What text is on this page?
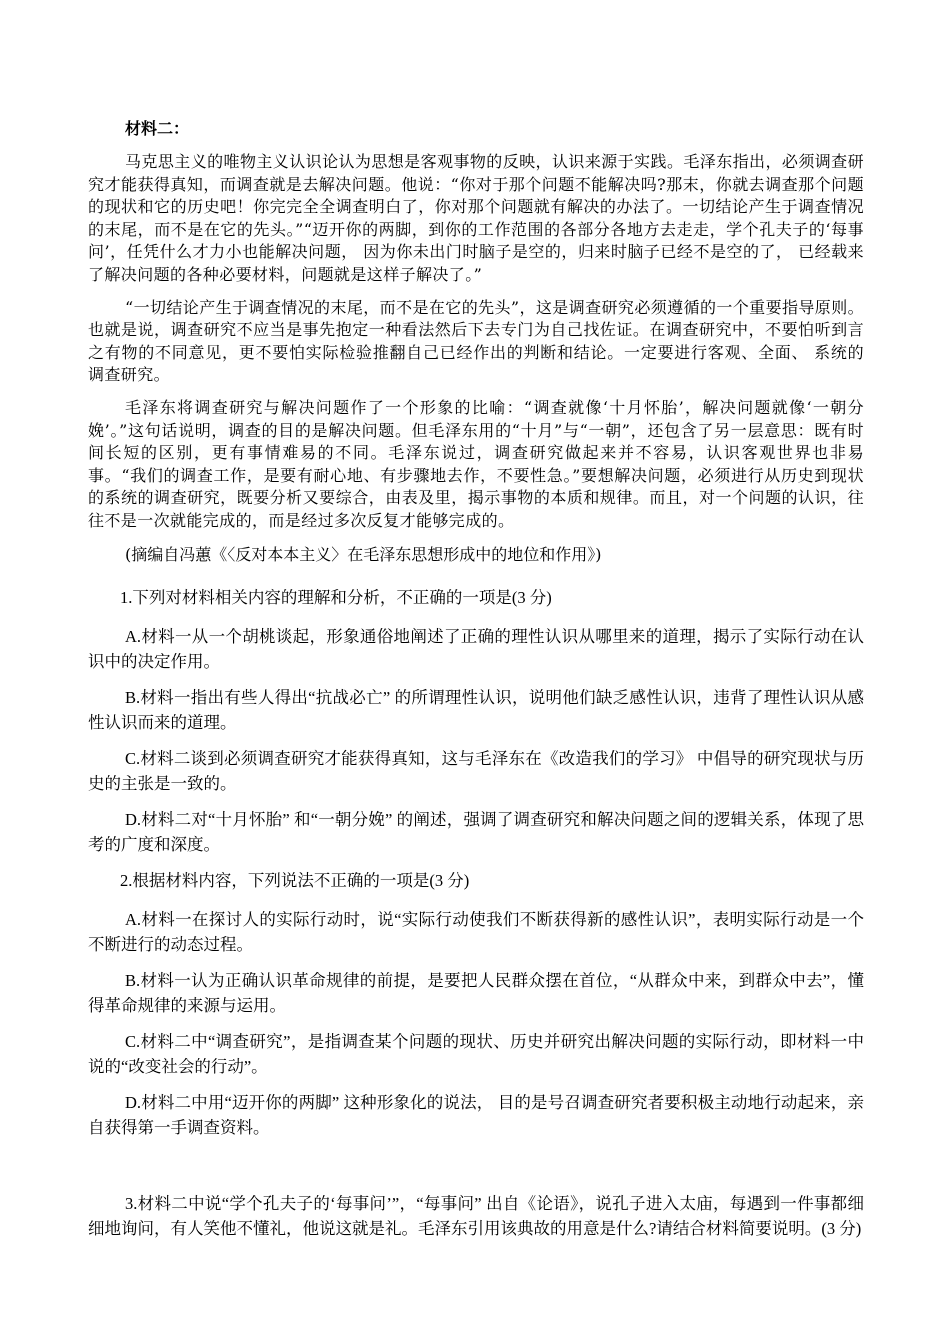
材料二：

马克思主义的唯物主义认识论认为思想是客观事物的反映，认识来源于实践。毛泽东指出，必须调查研究才能获得真知，而调查就是去解决问题。他说：“你对于那个问题不能解决吗?那末，你就去调查那个问题的现状和它的历史吧！你完完全全调查明白了，你对那个问题就有解决的办法了。一切结论产生于调查情况的末尾，而不是在它的先头。”“迈开你的两脚，到你的工作范围的各部分各地方去走走，学个孔夫子的‘每事问’，任凭什么才力小也能解决问题， 因为你未出门时脑子是空的，归来时脑子已经不是空的了， 已经载来了解决问题的各种必要材料，问题就是这样子解决了。”

“一切结论产生于调查情况的末尾，而不是在它的先头”，这是调查研究必须遵循的一个重要指导原则。也就是说，调查研究不应当是事先抱定一种看法然后下去专门为自己找佐证。在调查研究中，不要怕听到言之有物的不同意见，更不要怕实际检验推翻自己已经作出的判断和结论。一定要进行客观、全面、 系统的调查研究。

毛泽东将调查研究与解决问题作了一个形象的比喻：“调查就像‘十月怀胎’，解决问题就像‘一朝分娩’。”这句话说明，调查的目的是解决问题。但毛泽东用的“十月”与“一朝”，还包含了另一层意思：既有时间长短的区别，更有事情难易的不同。毛泽东说过，调查研究做起来并不容易，认识客观世界也非易事。“我们的调查工作，是要有耐心地、有步骤地去作，不要性急。”要想解决问题，必须进行从历史到现状的系统的调查研究，既要分析又要综合，由表及里，揭示事物的本质和规律。而且，对一个问题的认识，往往不是一次就能完成的，而是经过多次反复才能够完成的。

(摘编自冯蕙《〈反对本本主义〉在毛泽东思想形成中的地位和作用》)

1.下列对材料相关内容的理解和分析，不正确的一项是(3 分)

A.材料一从一个胡桃谈起，形象通俗地阐述了正确的理性认识从哪里来的道理，揭示了实际行动在认识中的决定作用。

B.材料一指出有些人得出“抗战必亡” 的所谓理性认识，说明他们缺乏感性认识，违背了理性认识从感性认识而来的道理。

C.材料二谈到必须调查研究才能获得真知，这与毛泽东在《改造我们的学习》 中倡导的研究现状与历史的主张是一致的。

D.材料二对“十月怀胎” 和“一朝分娩” 的阐述，强调了调查研究和解决问题之间的逻辑关系，体现了思考的广度和深度。

2.根据材料内容，下列说法不正确的一项是(3 分)

A.材料一在探讨人的实际行动时，说“实际行动使我们不断获得新的感性认识”，表明实际行动是一个不断进行的动态过程。

B.材料一认为正确认识革命规律的前提，是要把人民群众摆在首位，“从群众中来，到群众中去”，懂得革命规律的来源与运用。

C.材料二中“调查研究”，是指调查某个问题的现状、历史并研究出解决问题的实际行动，即材料一中说的“改变社会的行动”。

D.材料二中用“迈开你的两脚” 这种形象化的说法， 目的是号召调查研究者要积极主动地行动起来，亲自获得第一手调查资料。

3.材料二中说“学个孔夫子的‘每事问’”，“每事问” 出自《论语》，说孔子进入太庙，每遇到一件事都细细地询问，有人笑他不懂礼，他说这就是礼。毛泽东引用该典故的用意是什么?请结合材料简要说明。(3 分)
